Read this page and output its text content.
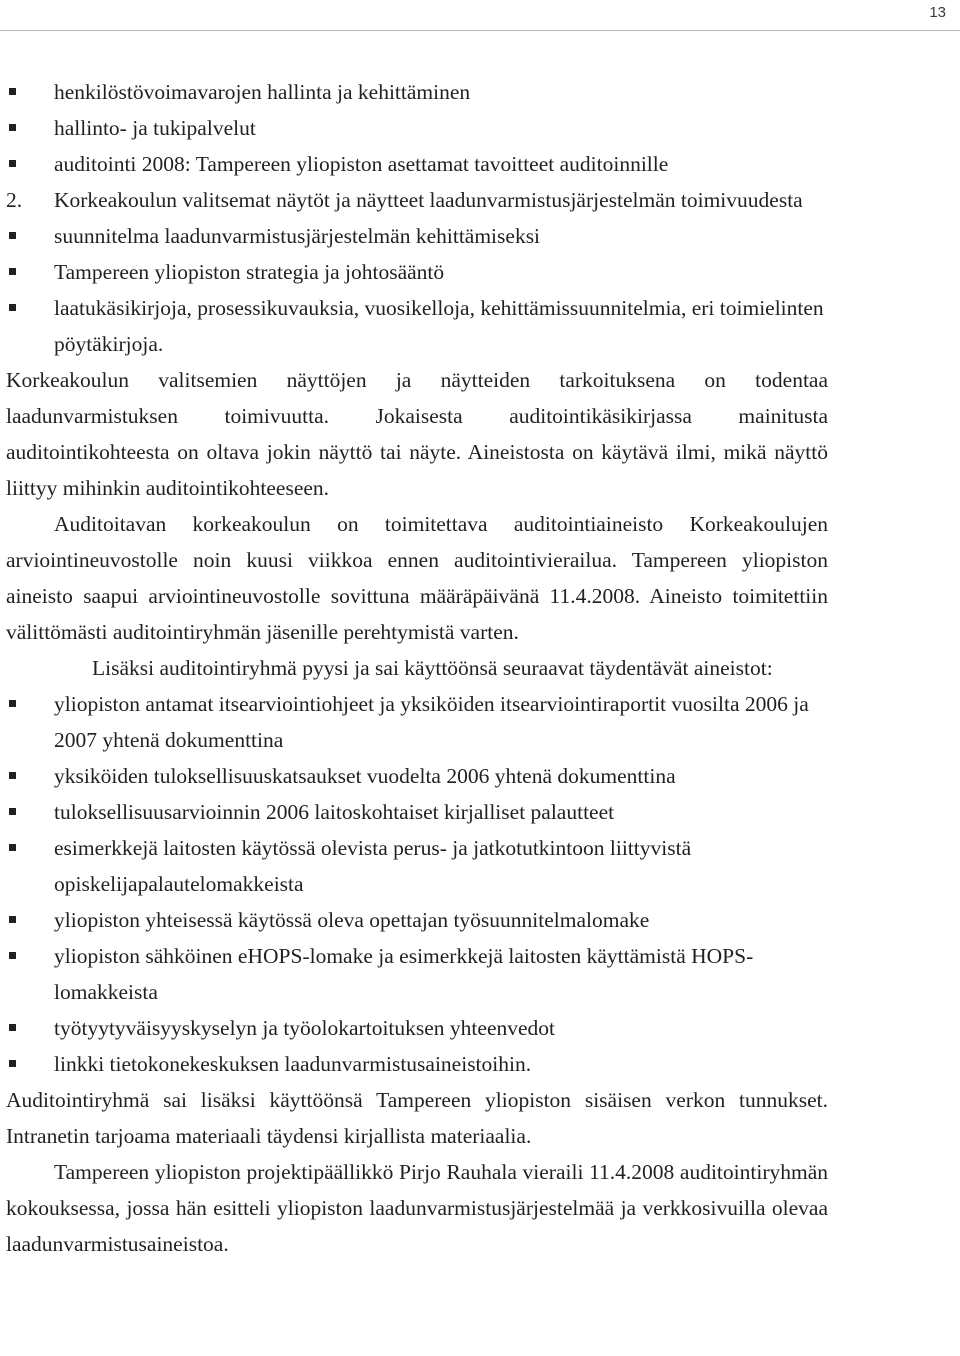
13
henkilöstövoimavarojen hallinta ja kehittäminen
hallinto- ja tukipalvelut
auditointi 2008: Tampereen yliopiston asettamat tavoitteet auditoinnille
2. Korkeakoulun valitsemat näytöt ja näytteet laadunvarmistusjärjestelmän toimivuudesta
suunnitelma laadunvarmistusjärjestelmän kehittämiseksi
Tampereen yliopiston strategia ja johtosääntö
laatukäsikirjoja, prosessikuvauksia, vuosikelloja, kehittämissuunnitelmia, eri toimielinten pöytäkirjoja.

Korkeakoulun valitsemien näyttöjen ja näytteiden tarkoituksena on todentaa laadunvarmistuksen toimivuutta. Jokaisesta auditointikäsikirjassa mainitusta auditointikohteesta on oltava jokin näyttö tai näyte. Aineistosta on käytävä ilmi, mikä näyttö liittyy mihinkin auditointikohteeseen.

Auditoitavan korkeakoulun on toimitettava auditointiaineisto Korkeakoulujen arviointineuvostolle noin kuusi viikkoa ennen auditointivierailua. Tampereen yliopiston aineisto saapui arviointineuvostolle sovittuna määräpäivänä 11.4.2008. Aineisto toimitettiin välittömästi auditointiryhmän jäsenille perehtymistä varten.

Lisäksi auditointiryhmä pyysi ja sai käyttöönsä seuraavat täydentävät aineistot:

yliopiston antamat itsearviointiohjeet ja yksiköiden itsearviointiraportit vuosilta 2006 ja 2007 yhtenä dokumenttina
yksiköiden tuloksellisuuskatsaukset vuodelta 2006 yhtenä dokumenttina
tuloksellisuusarvioinnin 2006 laitoskohtaiset kirjalliset palautteet
esimerkkejä laitosten käytössä olevista perus- ja jatkotutkintoon liittyvistä opiskelijapalautelomakkeista
yliopiston yhteisessä käytössä oleva opettajan työsuunnitelmalomake
yliopiston sähköinen eHOPS-lomake ja esimerkkejä laitosten käyttämistä HOPS-lomakkeista
työtyytyväisyyskyselyn ja työolokartoituksen yhteenvedot
linkki tietokonekeskuksen laadunvarmistusaineistoihin.

Auditointiryhmä sai lisäksi käyttöönsä Tampereen yliopiston sisäisen verkon tunnukset. Intranetin tarjoama materiaali täydensi kirjallista materiaalia.

Tampereen yliopiston projektipäällikkö Pirjo Rauhala vieraili 11.4.2008 auditointiryhmän kokouksessa, jossa hän esitteli yliopiston laadunvarmistusjärjestelmää ja verkkosivuilla olevaa laadunvarmistusaineistoa.
